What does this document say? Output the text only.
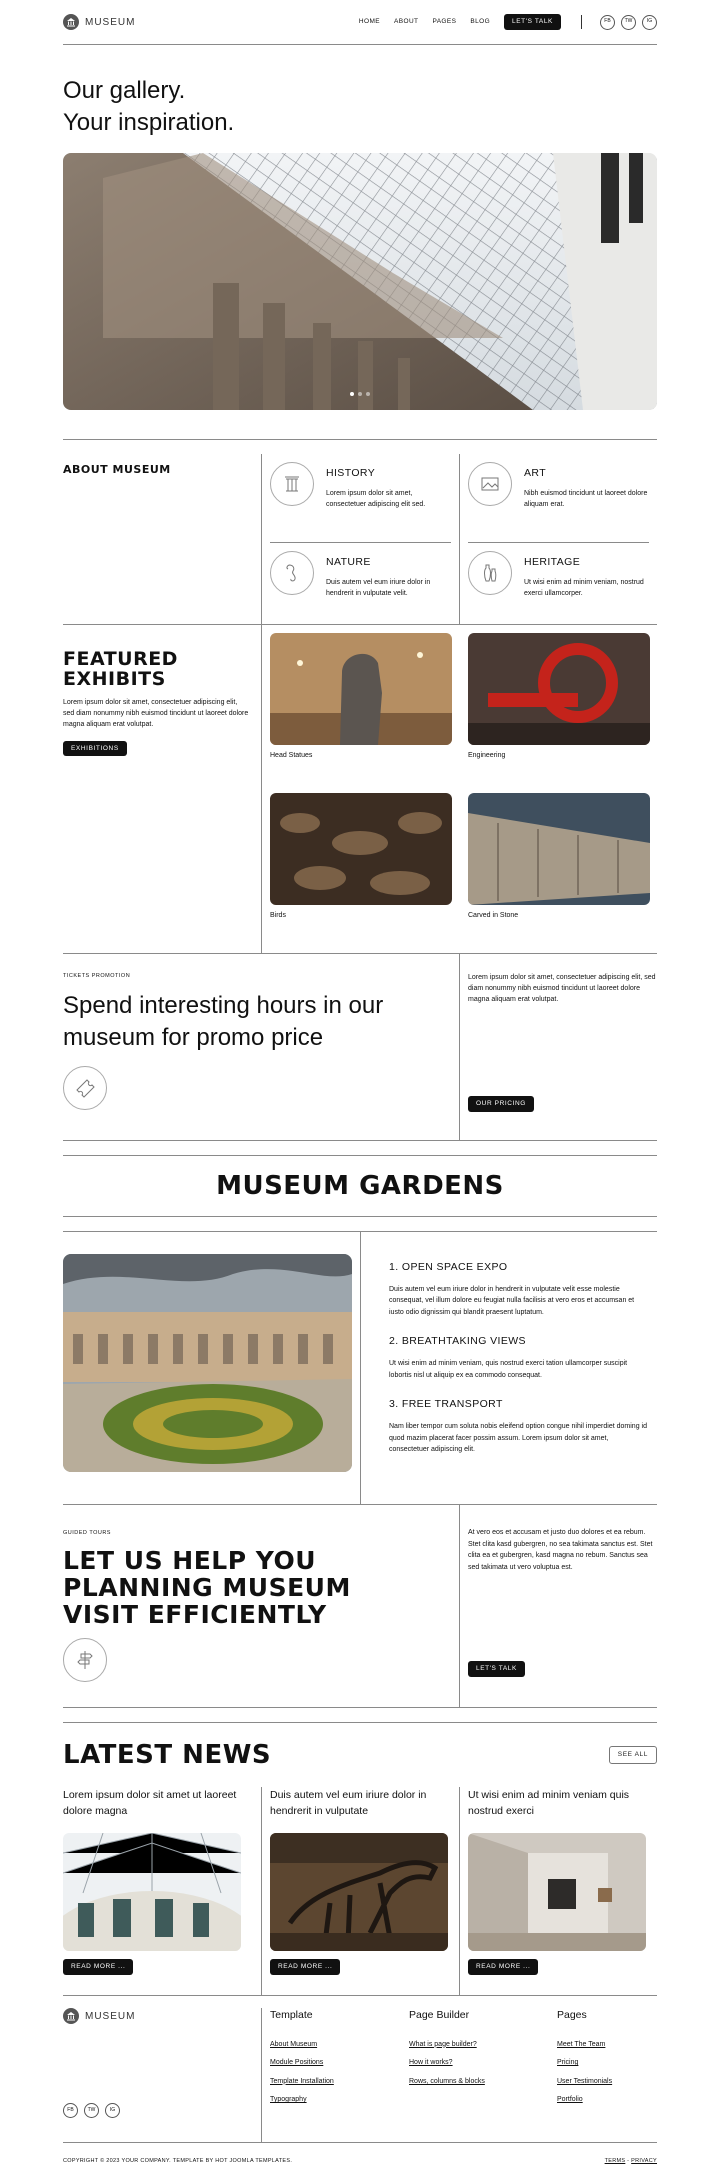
MUSEUM	HOME ABOUT PAGES BLOG	LET'S TALK	FB	TW	IG
Our gallery.
Your inspiration.
ABOUT MUSEUM	HISTORY

Lorem ipsum dolor sit amet, consectetuer adipiscing elit sed.

NATURE

Duis autem vel eum iriure dolor in hendrerit in vulputate velit.

ART

Nibh euismod tincidunt ut laoreet dolore aliquam erat.

HERITAGE

Ut wisi enim ad minim veniam, nostrud exerci ullamcorper.

FEATURED
EXHIBITS

Lorem ipsum dolor sit amet, consectetuer adipiscing elit, sed diam nonummy nibh euismod tincidunt ut laoreet dolore magna aliquam erat volutpat.

EXHIBITIONS
Head Statues	Engineering
Birds	Carved in Stone
TICKETS PROMOTION
Spend interesting hours in our
museum for promo price

Lorem ipsum dolor sit amet, consectetuer adipiscing elit, sed diam nonummy nibh euismod tincidunt ut laoreet dolore magna aliquam erat volutpat.

OUR PRICING
MUSEUM GARDENS
1. OPEN SPACE EXPO

Duis autem vel eum iriure dolor in hendrerit in vulputate velit esse molestie consequat, vel illum dolore eu feugiat nulla facilisis at vero eros et accumsan et iusto odio dignissim qui blandit praesent luptatum.

2. BREATHTAKING VIEWS

Ut wisi enim ad minim veniam, quis nostrud exerci tation ullamcorper suscipit lobortis nisl ut aliquip ex ea commodo consequat.

3. FREE TRANSPORT

Nam liber tempor cum soluta nobis eleifend option congue nihil imperdiet doming id quod mazim placerat facer possim assum. Lorem ipsum dolor sit amet, consectetuer adipiscing elit.

GUIDED TOURS
LET US HELP YOU
PLANNING MUSEUM
VISIT EFFICIENTLY

At vero eos et accusam et justo duo dolores et ea rebum. Stet clita kasd gubergren, no sea takimata sanctus est. Stet clita ea et gubergren, kasd magna no rebum. Sanctus sea sed takimata ut vero voluptua est.

LET'S TALK
LATEST NEWS	SEE ALL
Lorem ipsum dolor sit amet ut laoreet dolore magna
READ MORE ...
Duis autem vel eum iriure dolor in hendrerit in vulputate
READ MORE ...
Ut wisi enim ad minim veniam quis nostrud exerci
READ MORE ...
MUSEUM
FB	TW	IG
Template
About Museum
Module Positions
Template Installation
Typography
Page Builder
What is page builder?
How it works?
Rows, columns & blocks
Pages
Meet The Team
Pricing
User Testimonials
Portfolio
COPYRIGHT © 2023 YOUR COMPANY. TEMPLATE BY HOT JOOMLA TEMPLATES.	TERMS - PRIVACY
